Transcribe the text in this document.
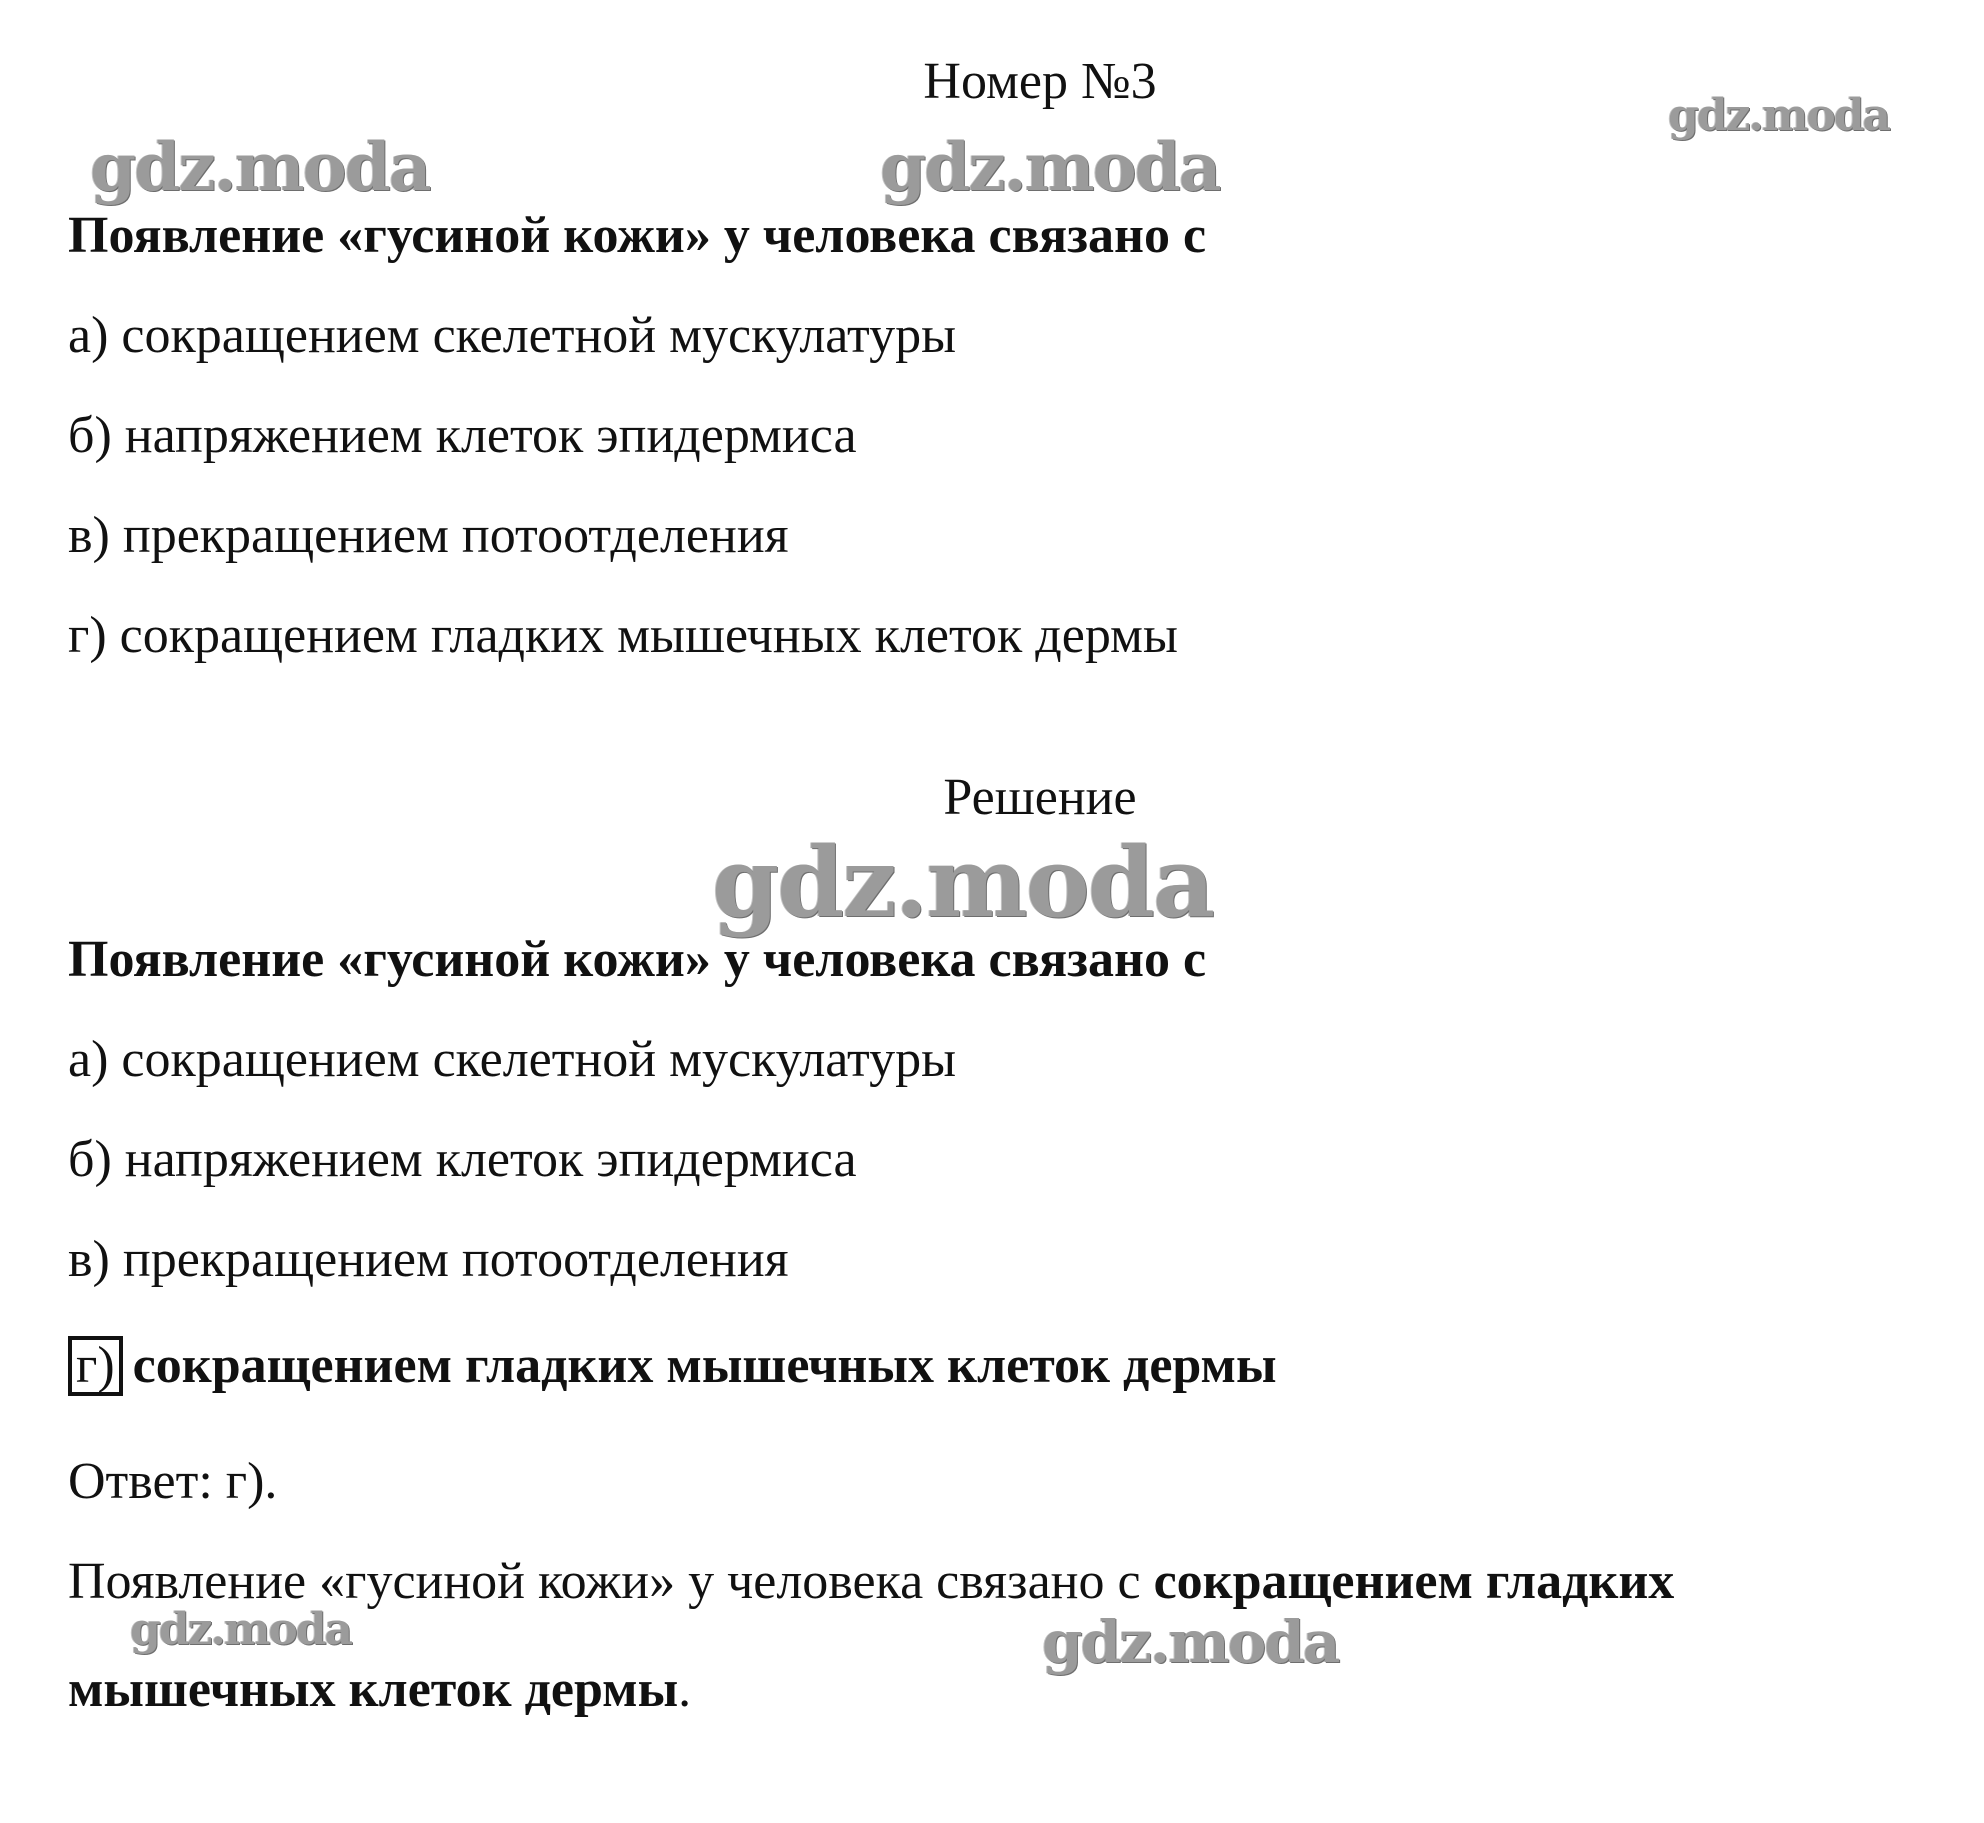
Номер №3
Появление «гусиной кожи» у человека связано с
а) сокращением скелетной мускулатуры
б) напряжением клеток эпидермиса
в) прекращением потоотделения
г) сокращением гладких мышечных клеток дермы
Решение
Появление «гусиной кожи» у человека связано с
а) сокращением скелетной мускулатуры
б) напряжением клеток эпидермиса
в) прекращением потоотделения
г) сокращением гладких мышечных клеток дермы
Ответ: г).
Появление «гусиной кожи» у человека связано с сокращением гладких
мышечных клеток дермы.
gdz.moda	gdz.moda
gdz.moda
gdz.moda
gdz.moda	gdz.moda
